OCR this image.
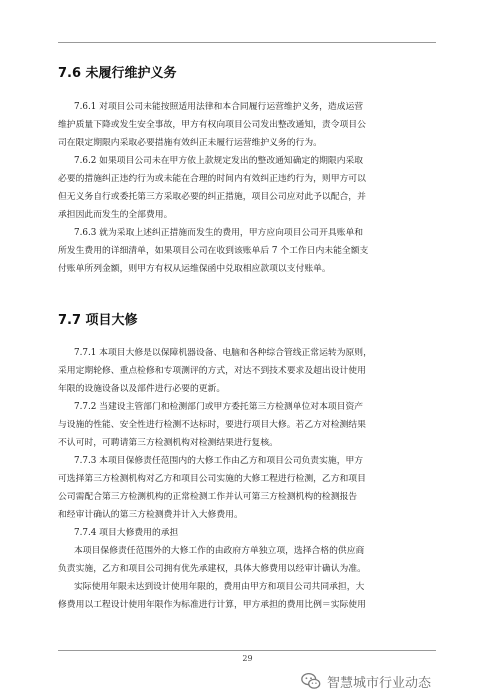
7.6 未履行维护义务
7.6.1 对项目公司未能按照适用法律和本合同履行运营维护义务，造成运营
维护质量下降或发生安全事故，甲方有权向项目公司发出整改通知，责令项目公
司在限定期限内采取必要措施有效纠正未履行运营维护义务的行为。
7.6.2 如果项目公司未在甲方依上款规定发出的整改通知确定的期限内采取
必要的措施纠正违约行为或未能在合理的时间内有效纠正违约行为，则甲方可以
但无义务自行或委托第三方采取必要的纠正措施，项目公司应对此予以配合，并
承担因此而发生的全部费用。
7.6.3 就为采取上述纠正措施而发生的费用，甲方应向项目公司开具账单和
所发生费用的详细清单，如果项目公司在收到该账单后 7 个工作日内未能全额支
付账单所列金额，则甲方有权从运维保函中兑取相应款项以支付账单。
7.7 项目大修
7.7.1 本项目大修是以保障机器设备、电脑和各种综合管线正常运转为原则，
采用定期轮修、重点检修和专项测评的方式，对达不到技术要求及超出设计使用
年限的设施设备以及部件进行必要的更新。
7.7.2 当建设主管部门和检测部门或甲方委托第三方检测单位对本项目资产
与设施的性能、安全性进行检测不达标时，要进行项目大修。若乙方对检测结果
不认可时，可聘请第三方检测机构对检测结果进行复核。
7.7.3 本项目保修责任范围内的大修工作由乙方和项目公司负责实施，甲方
可选择第三方检测机构对乙方和项目公司实施的大修工程进行检测，乙方和项目
公司需配合第三方检测机构的正常检测工作并认可第三方检测机构的检测报告
和经审计确认的第三方检测费并计入大修费用。
7.7.4 项目大修费用的承担
本项目保修责任范围外的大修工作的由政府方单独立项，选择合格的供应商
负责实施，乙方和项目公司拥有优先承建权，具体大修费用以经审计确认为准。
实际使用年限未达到设计使用年限的，费用由甲方和项目公司共同承担，大
修费用以工程设计使用年限作为标准进行计算，甲方承担的费用比例＝实际使用
29
智慧城市行业动态
